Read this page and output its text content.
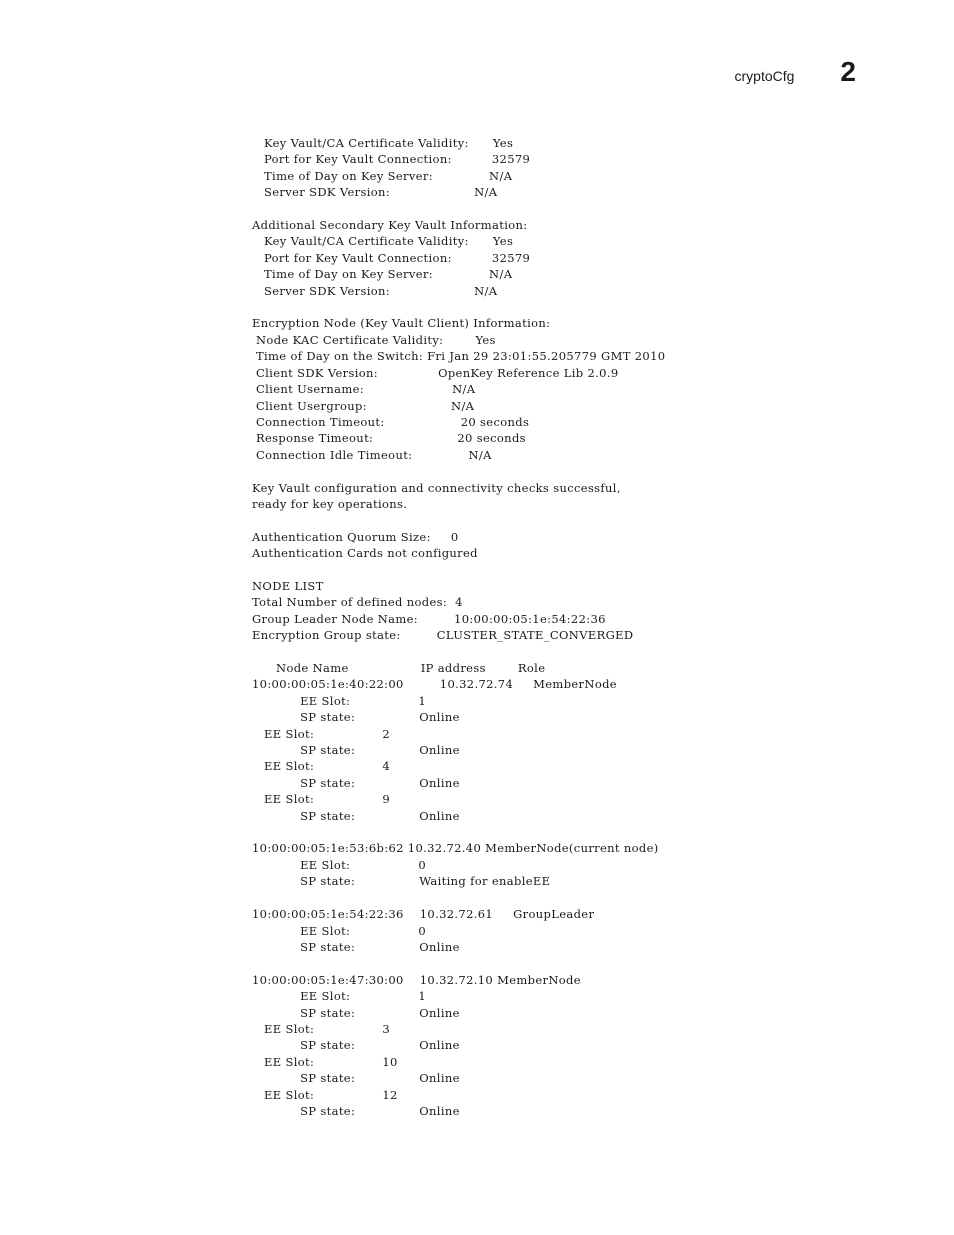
cryptoCfg 2
Key Vault/CA Certificate Validity:      Yes
Port for Key Vault Connection:          32579
Time of Day on Key Server:              N/A
Server SDK Version:                     N/A

Additional Secondary Key Vault Information:
Key Vault/CA Certificate Validity:      Yes
Port for Key Vault Connection:          32579
Time of Day on Key Server:              N/A
Server SDK Version:                     N/A

Encryption Node (Key Vault Client) Information:
Node KAC Certificate Validity:        Yes
Time of Day on the Switch: Fri Jan 29 23:01:55.205779 GMT 2010
Client SDK Version:               OpenKey Reference Lib 2.0.9
Client Username:                      N/A
Client Usergroup:                     N/A
Connection Timeout:                   20 seconds
Response Timeout:                     20 seconds
Connection Idle Timeout:              N/A

Key Vault configuration and connectivity checks successful,
ready for key operations.

Authentication Quorum Size:     0
Authentication Cards not configured

NODE LIST
Total Number of defined nodes:  4
Group Leader Node Name:         10:00:00:05:1e:54:22:36
Encryption Group state:         CLUSTER_STATE_CONVERGED

Node Name                  IP address        Role
10:00:00:05:1e:40:22:00         10.32.72.74     MemberNode
EE Slot:                 1
SP state:                Online
EE Slot:                 2
SP state:                Online
EE Slot:                 4
SP state:                Online
EE Slot:                 9
SP state:                Online

10:00:00:05:1e:53:6b:62 10.32.72.40 MemberNode(current node)
EE Slot:                 0
SP state:                Waiting for enableEE

10:00:00:05:1e:54:22:36    10.32.72.61     GroupLeader
EE Slot:                 0
SP state:                Online

10:00:00:05:1e:47:30:00    10.32.72.10 MemberNode
EE Slot:                 1
SP state:                Online
EE Slot:                 3
SP state:                Online
EE Slot:                 10
SP state:                Online
EE Slot:                 12
SP state:                Online
